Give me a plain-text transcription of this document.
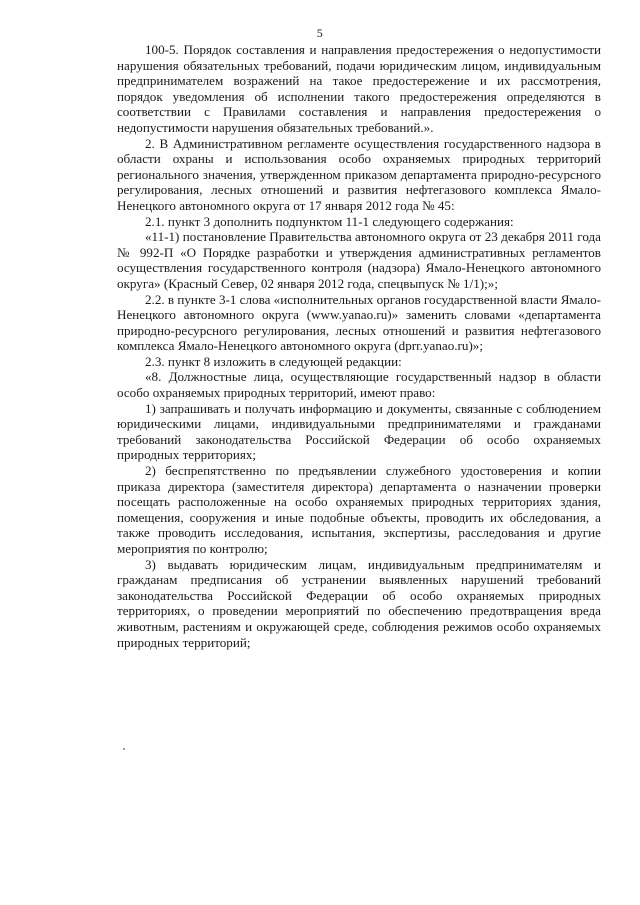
5

100-5. Порядок составления и направления предостережения о недопустимости нарушения обязательных требований, подачи юридическим лицом, индивидуальным предпринимателем возражений на такое предостережение и их рассмотрения, порядок уведомления об исполнении такого предостережения определяются в соответствии с Правилами составления и направления предостережения о недопустимости нарушения обязательных требований.».

2. В Административном регламенте осуществления государственного надзора в области охраны и использования особо охраняемых природных территорий регионального значения, утвержденном приказом департамента природно-ресурсного регулирования, лесных отношений и развития нефтегазового комплекса Ямало-Ненецкого автономного округа от 17 января 2012 года № 45:

2.1. пункт 3 дополнить подпунктом 11-1 следующего содержания:

«11-1) постановление Правительства автономного округа от 23 декабря 2011 года № 992-П «О Порядке разработки и утверждения административных регламентов осуществления государственного контроля (надзора) Ямало-Ненецкого автономного округа» (Красный Север, 02 января 2012 года, спецвыпуск № 1/1);»;

2.2. в пункте 3-1 слова «исполнительных органов государственной власти Ямало-Ненецкого автономного округа (www.yanao.ru)» заменить словами «департамента природно-ресурсного регулирования, лесных отношений и развития нефтегазового комплекса Ямало-Ненецкого автономного округа (dprr.yanao.ru)»;

2.3. пункт 8 изложить в следующей редакции:

«8. Должностные лица, осуществляющие государственный надзор в области особо охраняемых природных территорий, имеют право:

1) запрашивать и получать информацию и документы, связанные с соблюдением юридическими лицами, индивидуальными предпринимателями и гражданами требований законодательства Российской Федерации об особо охраняемых природных территориях;

2) беспрепятственно по предъявлении служебного удостоверения и копии приказа директора (заместителя директора) департамента о назначении проверки посещать расположенные на особо охраняемых природных территориях здания, помещения, сооружения и иные подобные объекты, проводить их обследования, а также проводить исследования, испытания, экспертизы, расследования и другие мероприятия по контролю;

3) выдавать юридическим лицам, индивидуальным предпринимателям и гражданам предписания об устранении выявленных нарушений требований законодательства Российской Федерации об особо охраняемых природных территориях, о проведении мероприятий по обеспечению предотвращения вреда животным, растениям и окружающей среде, соблюдения режимов особо охраняемых природных территорий;
